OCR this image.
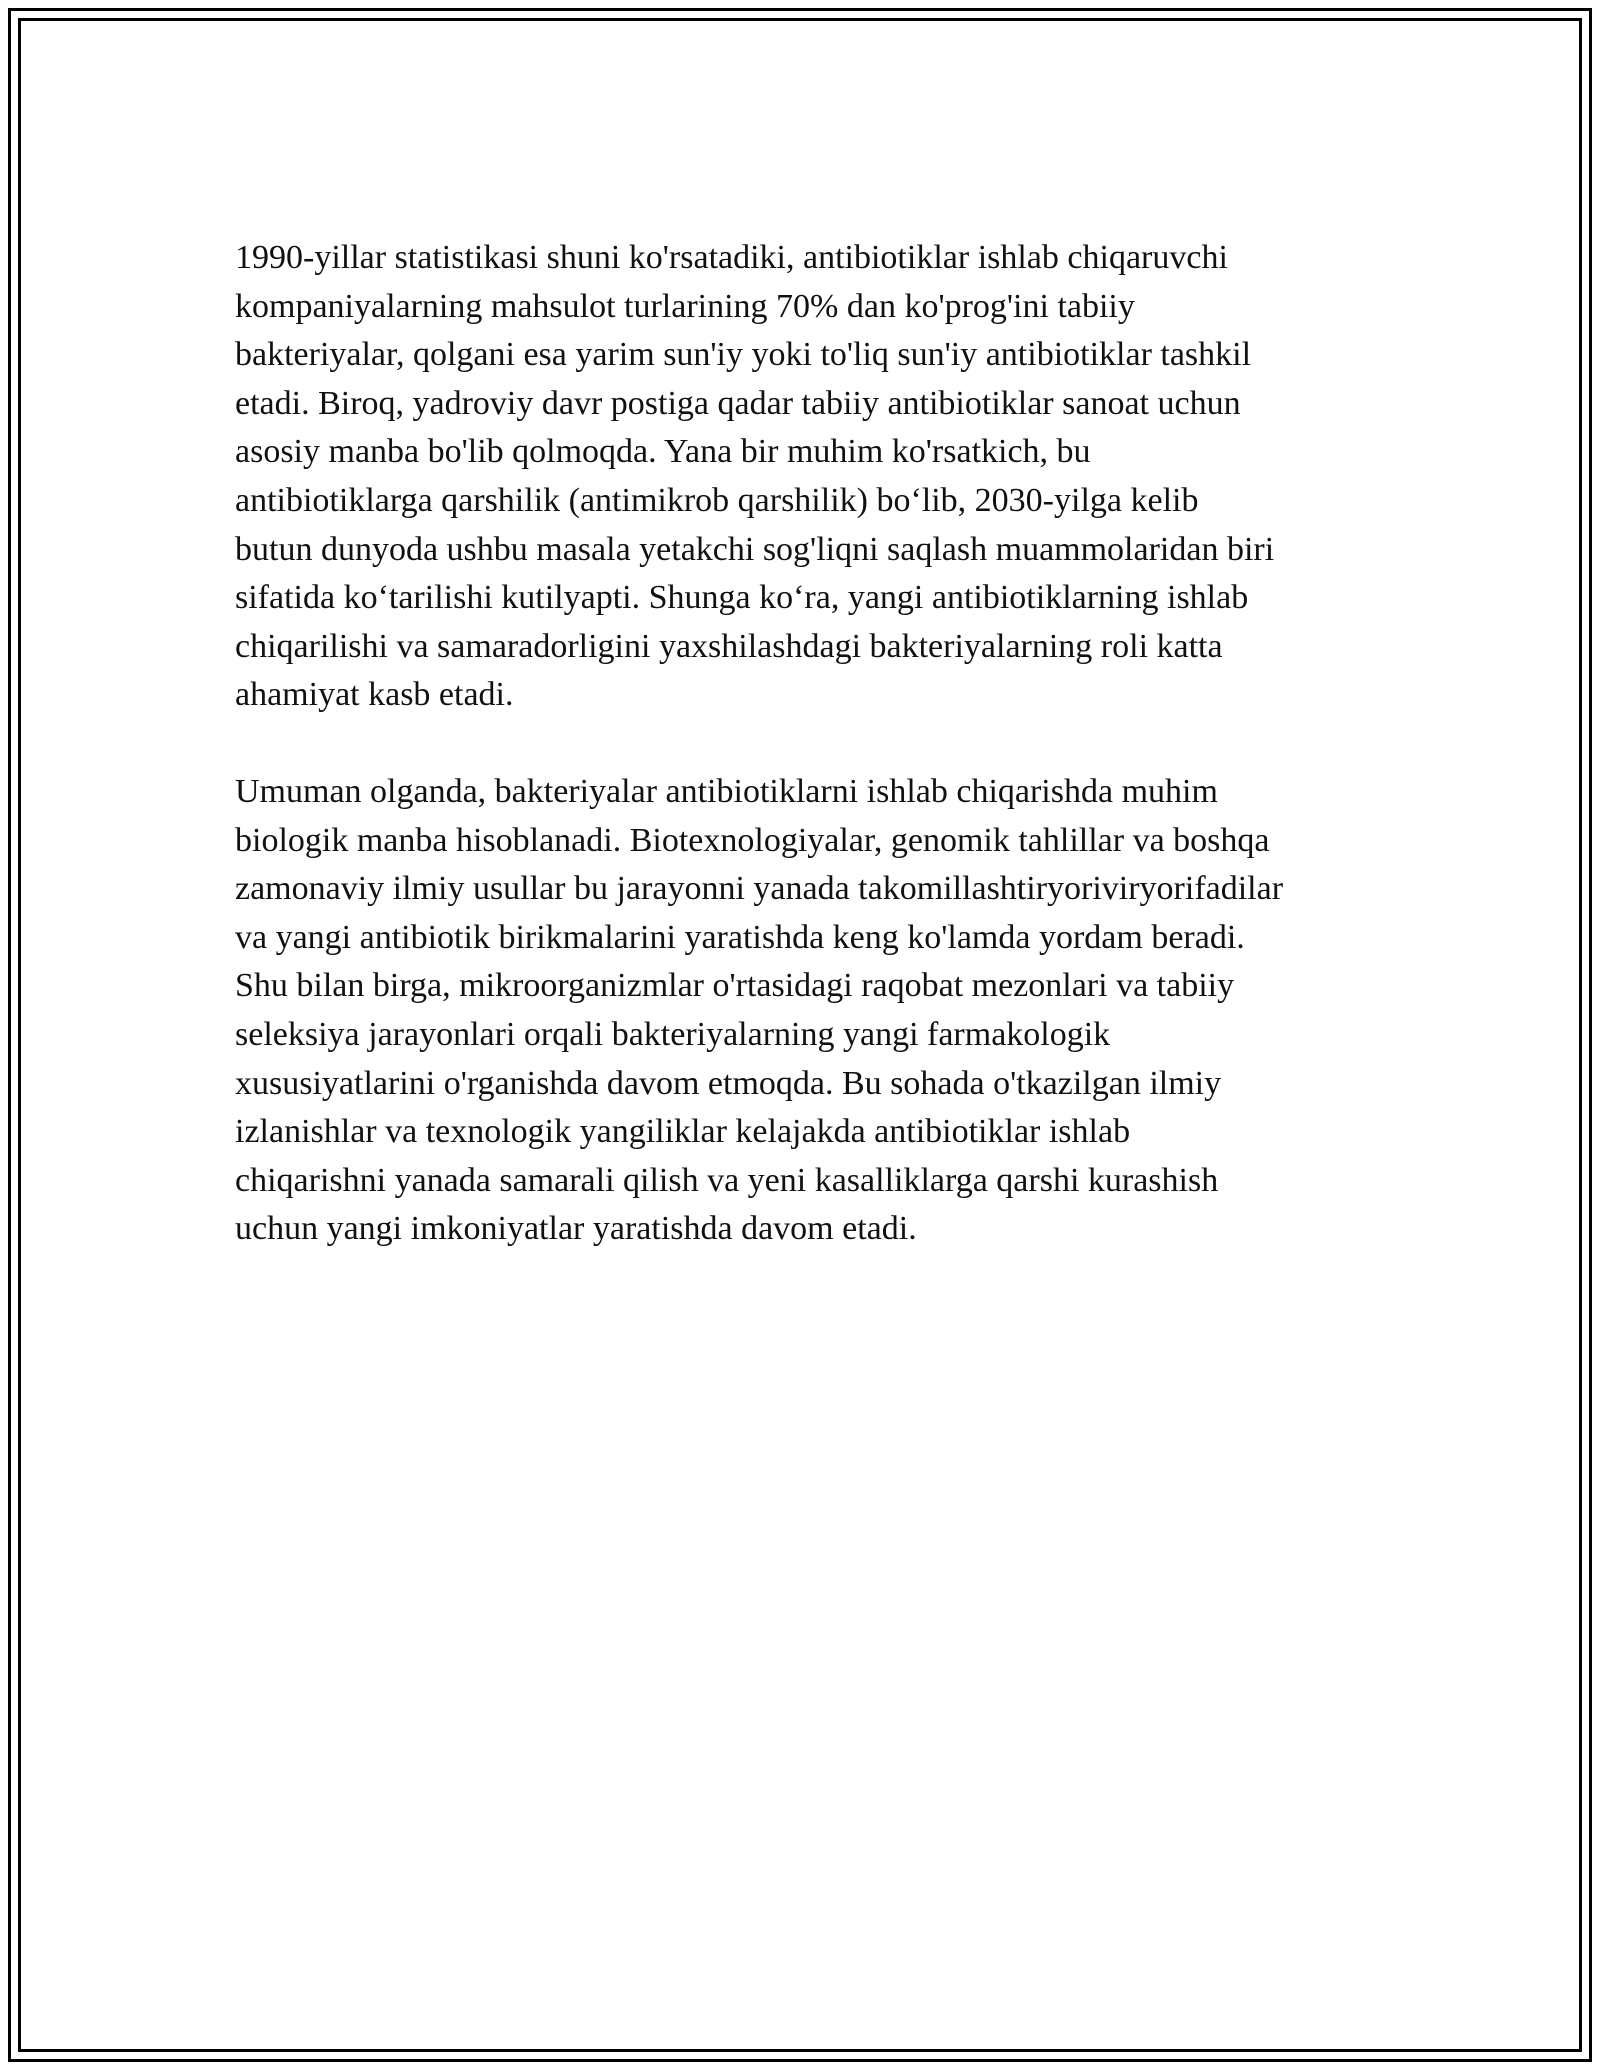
1990-yillar statistikasi shuni ko'rsatadiki, antibiotiklar ishlab chiqaruvchi
kompaniyalarning mahsulot turlarining 70% dan ko'prog'ini tabiiy
bakteriyalar, qolgani esa yarim sun'iy yoki to'liq sun'iy antibiotiklar tashkil
etadi. Biroq, yadroviy davr postiga qadar tabiiy antibiotiklar sanoat uchun
asosiy manba bo'lib qolmoqda. Yana bir muhim ko'rsatkich, bu
antibiotiklarga qarshilik (antimikrob qarshilik) bo‘lib, 2030-yilga kelib
butun dunyoda ushbu masala yetakchi sog'liqni saqlash muammolaridan biri
sifatida ko‘tarilishi kutilyapti. Shunga ko‘ra, yangi antibiotiklarning ishlab
chiqarilishi va samaradorligini yaxshilashdagi bakteriyalarning roli katta
ahamiyat kasb etadi.

Umuman olganda, bakteriyalar antibiotiklarni ishlab chiqarishda muhim
biologik manba hisoblanadi. Biotexnologiyalar, genomik tahlillar va boshqa
zamonaviy ilmiy usullar bu jarayonni yanada takomillashtiryoriviryorifadilar
va yangi antibiotik birikmalarini yaratishda keng ko'lamda yordam beradi.
Shu bilan birga, mikroorganizmlar o'rtasidagi raqobat mezonlari va tabiiy
seleksiya jarayonlari orqali bakteriyalarning yangi farmakologik
xususiyatlarini o'rganishda davom etmoqda. Bu sohada o'tkazilgan ilmiy
izlanishlar va texnologik yangiliklar kelajakda antibiotiklar ishlab
chiqarishni yanada samarali qilish va yeni kasalliklarga qarshi kurashish
uchun yangi imkoniyatlar yaratishda davom etadi.
